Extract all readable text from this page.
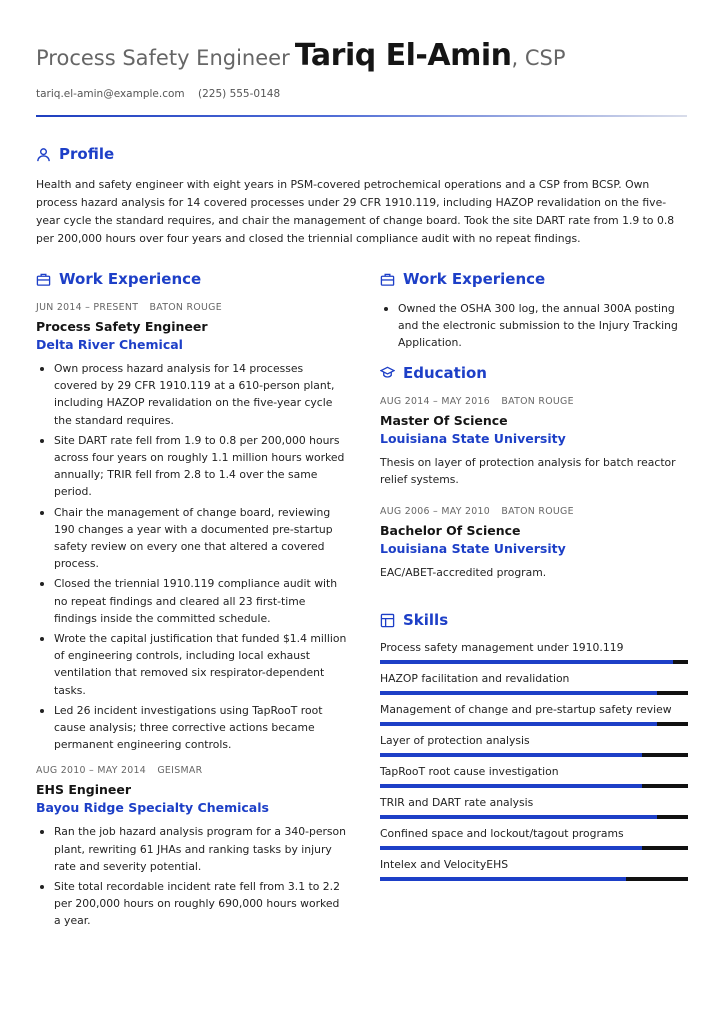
Process Safety Engineer Tariq El-Amin, CSP
tariq.el-amin@example.com (225) 555-0148
Profile

Health and safety engineer with eight years in PSM-covered petrochemical operations and a CSP from BCSP. Own process hazard analysis for 14 covered processes under 29 CFR 1910.119, including HAZOP revalidation on the five-year cycle the standard requires, and chair the management of change board. Took the site DART rate from 1.9 to 0.8 per 200,000 hours over four years and closed the triennial compliance audit with no repeat findings.

Work Experience
JUN 2014 – PRESENT BATON ROUGE
Process Safety Engineer
Delta River Chemical
Own process hazard analysis for 14 processes covered by 29 CFR 1910.119 at a 610-person plant, including HAZOP revalidation on the five-year cycle the standard requires.
Site DART rate fell from 1.9 to 0.8 per 200,000 hours across four years on roughly 1.1 million hours worked annually; TRIR fell from 2.8 to 1.4 over the same period.
Chair the management of change board, reviewing 190 changes a year with a documented pre-startup safety review on every one that altered a covered process.
Closed the triennial 1910.119 compliance audit with no repeat findings and cleared all 23 first-time findings inside the committed schedule.
Wrote the capital justification that funded $1.4 million of engineering controls, including local exhaust ventilation that removed six respirator-dependent tasks.
Led 26 incident investigations using TapRooT root cause analysis; three corrective actions became permanent engineering controls.
AUG 2010 – MAY 2014 GEISMAR
EHS Engineer
Bayou Ridge Specialty Chemicals
Ran the job hazard analysis program for a 340-person plant, rewriting 61 JHAs and ranking tasks by injury rate and severity potential.
Site total recordable incident rate fell from 3.1 to 2.2 per 200,000 hours on roughly 690,000 hours worked a year.
Work Experience
Owned the OSHA 300 log, the annual 300A posting and the electronic submission to the Injury Tracking Application.
Education
AUG 2014 – MAY 2016 BATON ROUGE
Master Of Science
Louisiana State University
Thesis on layer of protection analysis for batch reactor relief systems.
AUG 2006 – MAY 2010 BATON ROUGE
Bachelor Of Science
Louisiana State University
EAC/ABET-accredited program.
Skills
Process safety management under 1910.119
HAZOP facilitation and revalidation
Management of change and pre-startup safety review
Layer of protection analysis
TapRooT root cause investigation
TRIR and DART rate analysis
Confined space and lockout/tagout programs
Intelex and VelocityEHS
